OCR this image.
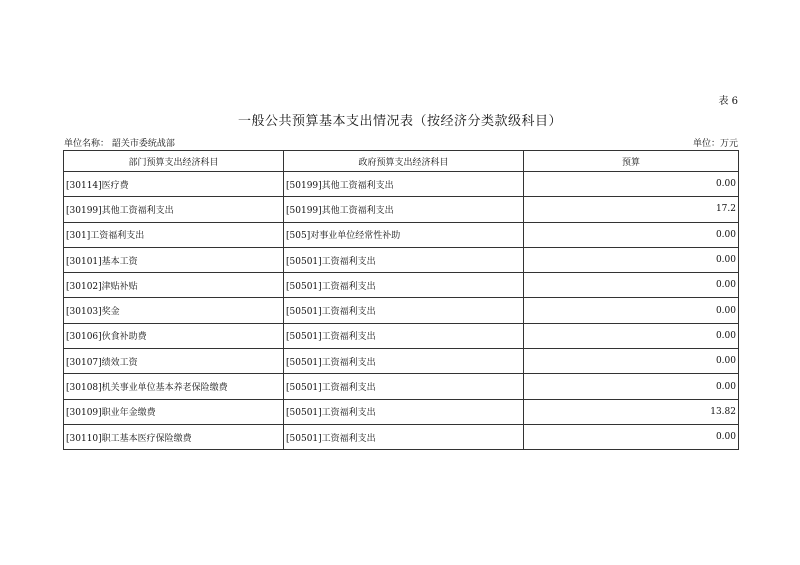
表 6
一般公共预算基本支出情况表（按经济分类款级科目）
单位名称： 韶关市委统战部	单位：万元
部门预算支出经济科目	政府预算支出经济科目	预算
[30114]医疗费	[50199]其他工资福利支出	0.00
[30199]其他工资福利支出	[50199]其他工资福利支出	17.2
[301]工资福利支出	[505]对事业单位经常性补助	0.00
[30101]基本工资	[50501]工资福利支出	0.00
[30102]津贴补贴	[50501]工资福利支出	0.00
[30103]奖金	[50501]工资福利支出	0.00
[30106]伙食补助费	[50501]工资福利支出	0.00
[30107]绩效工资	[50501]工资福利支出	0.00
[30108]机关事业单位基本养老保险缴费	[50501]工资福利支出	0.00
[30109]职业年金缴费	[50501]工资福利支出	13.82
[30110]职工基本医疗保险缴费	[50501]工资福利支出	0.00
